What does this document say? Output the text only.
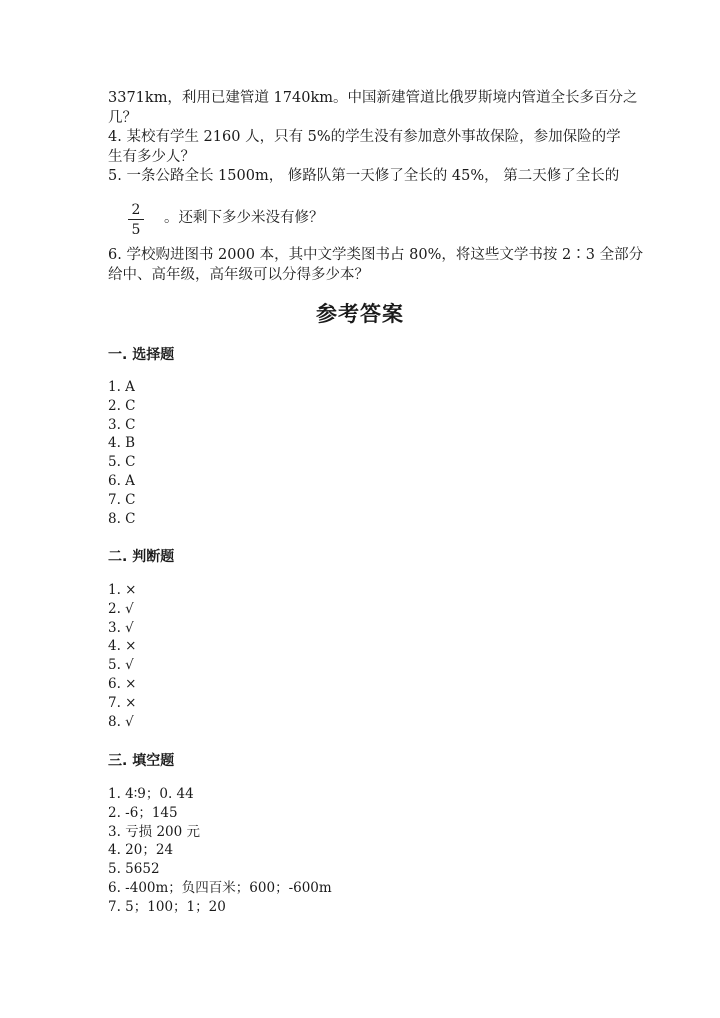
3371km，利用已建管道 1740km。中国新建管道比俄罗斯境内管道全长多百分之
几？
4. 某校有学生 2160 人，只有 5%的学生没有参加意外事故保险，参加保险的学
生有多少人？
5. 一条公路全长 1500m， 修路队第一天修了全长的 45%， 第二天修了全长的
2
5
。还剩下多少米没有修？
6. 学校购进图书 2000 本，其中文学类图书占 80%，将这些文学书按 2∶3 全部分
给中、高年级，高年级可以分得多少本？
参考答案
一. 选择题
1. A
2. C
3. C
4. B
5. C
6. A
7. C
8. C
二. 判断题
1. ×
2. √
3. √
4. ×
5. √
6. ×
7. ×
8. √
三. 填空题
1. 4∶9；0. 44
2. -6；145
3. 亏损 200 元
4. 20；24
5. 5652
6. -400m；负四百米；600；-600m
7. 5；100；1；20
